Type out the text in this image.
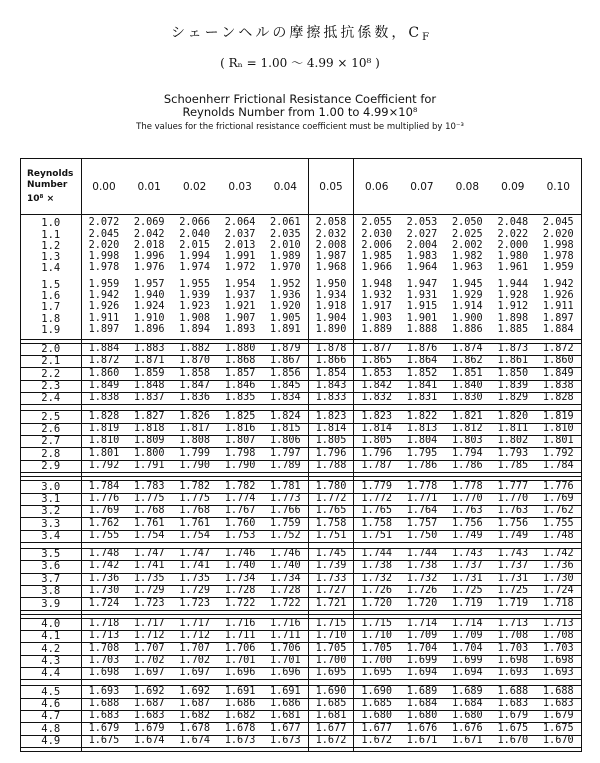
シェーンヘルの摩擦抵抗係数，$C_F$
( Rₙ = 1.00 ～ 4.99 × 10⁸ )
Schoenherr Frictional Resistance Coefficient for
Reynolds Number from 1.00 to 4.99×10⁸
The values for the frictional resistance coefficient must be multiplied by 10⁻³
Reynolds
Number
10⁸ ×	0.00	0.01	0.02	0.03	0.04	0.05	0.06	0.07	0.08	0.09	0.10

1.0	2.072	2.069	2.066	2.064	2.061	2.058	2.055	2.053	2.050	2.048	2.045
1.1	2.045	2.042	2.040	2.037	2.035	2.032	2.030	2.027	2.025	2.022	2.020
1.2	2.020	2.018	2.015	2.013	2.010	2.008	2.006	2.004	2.002	2.000	1.998
1.3	1.998	1.996	1.994	1.991	1.989	1.987	1.985	1.983	1.982	1.980	1.978
1.4	1.978	1.976	1.974	1.972	1.970	1.968	1.966	1.964	1.963	1.961	1.959

1.5	1.959	1.957	1.955	1.954	1.952	1.950	1.948	1.947	1.945	1.944	1.942
1.6	1.942	1.940	1.939	1.937	1.936	1.934	1.932	1.931	1.929	1.928	1.926
1.7	1.926	1.924	1.923	1.921	1.920	1.918	1.917	1.915	1.914	1.912	1.911
1.8	1.911	1.910	1.908	1.907	1.905	1.904	1.903	1.901	1.900	1.898	1.897
1.9	1.897	1.896	1.894	1.893	1.891	1.890	1.889	1.888	1.886	1.885	1.884

2.0	1.884	1.883	1.882	1.880	1.879	1.878	1.877	1.876	1.874	1.873	1.872
2.1	1.872	1.871	1.870	1.868	1.867	1.866	1.865	1.864	1.862	1.861	1.860
2.2	1.860	1.859	1.858	1.857	1.856	1.854	1.853	1.852	1.851	1.850	1.849
2.3	1.849	1.848	1.847	1.846	1.845	1.843	1.842	1.841	1.840	1.839	1.838
2.4	1.838	1.837	1.836	1.835	1.834	1.833	1.832	1.831	1.830	1.829	1.828

2.5	1.828	1.827	1.826	1.825	1.824	1.823	1.823	1.822	1.821	1.820	1.819
2.6	1.819	1.818	1.817	1.816	1.815	1.814	1.814	1.813	1.812	1.811	1.810
2.7	1.810	1.809	1.808	1.807	1.806	1.805	1.805	1.804	1.803	1.802	1.801
2.8	1.801	1.800	1.799	1.798	1.797	1.796	1.796	1.795	1.794	1.793	1.792
2.9	1.792	1.791	1.790	1.790	1.789	1.788	1.787	1.786	1.786	1.785	1.784

3.0	1.784	1.783	1.782	1.782	1.781	1.780	1.779	1.778	1.778	1.777	1.776
3.1	1.776	1.775	1.775	1.774	1.773	1.772	1.772	1.771	1.770	1.770	1.769
3.2	1.769	1.768	1.768	1.767	1.766	1.765	1.765	1.764	1.763	1.763	1.762
3.3	1.762	1.761	1.761	1.760	1.759	1.758	1.758	1.757	1.756	1.756	1.755
3.4	1.755	1.754	1.754	1.753	1.752	1.751	1.751	1.750	1.749	1.749	1.748

3.5	1.748	1.747	1.747	1.746	1.746	1.745	1.744	1.744	1.743	1.743	1.742
3.6	1.742	1.741	1.741	1.740	1.740	1.739	1.738	1.738	1.737	1.737	1.736
3.7	1.736	1.735	1.735	1.734	1.734	1.733	1.732	1.732	1.731	1.731	1.730
3.8	1.730	1.729	1.729	1.728	1.728	1.727	1.726	1.726	1.725	1.725	1.724
3.9	1.724	1.723	1.723	1.722	1.722	1.721	1.720	1.720	1.719	1.719	1.718

4.0	1.718	1.717	1.717	1.716	1.716	1.715	1.715	1.714	1.714	1.713	1.713
4.1	1.713	1.712	1.712	1.711	1.711	1.710	1.710	1.709	1.709	1.708	1.708
4.2	1.708	1.707	1.707	1.706	1.706	1.705	1.705	1.704	1.704	1.703	1.703
4.3	1.703	1.702	1.702	1.701	1.701	1.700	1.700	1.699	1.699	1.698	1.698
4.4	1.698	1.697	1.697	1.696	1.696	1.695	1.695	1.694	1.694	1.693	1.693

4.5	1.693	1.692	1.692	1.691	1.691	1.690	1.690	1.689	1.689	1.688	1.688
4.6	1.688	1.687	1.687	1.686	1.686	1.685	1.685	1.684	1.684	1.683	1.683
4.7	1.683	1.683	1.682	1.682	1.681	1.681	1.680	1.680	1.680	1.679	1.679
4.8	1.679	1.679	1.678	1.678	1.677	1.677	1.677	1.676	1.676	1.675	1.675
4.9	1.675	1.674	1.674	1.673	1.673	1.672	1.672	1.671	1.671	1.670	1.670
